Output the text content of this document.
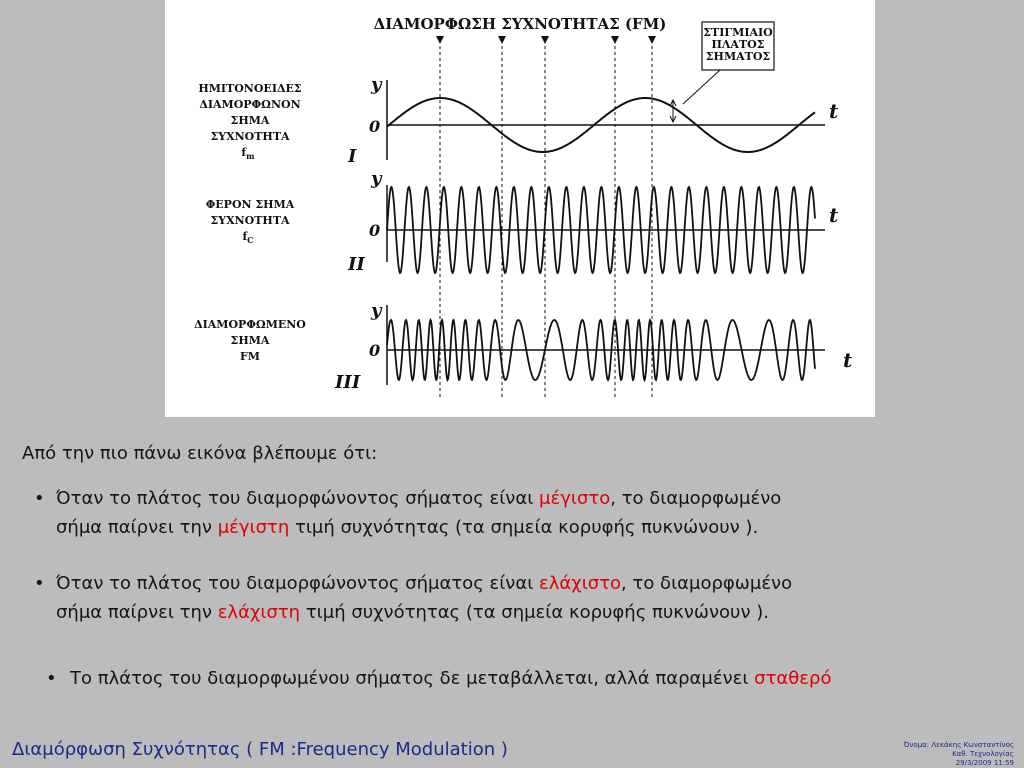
ΔΙΑΜΟΡΦΩΣΗ ΣΥΧΝΟΤΗΤΑΣ (FM)	ΣΤΙΓΜΙΑΙΟ
ΠΛΑΤΟΣ
ΣΗΜΑΤΟΣ
ΗΜΙΤΟΝΟΕΙΔΕΣ
ΔΙΑΜΟΡΦΩΝΟΝ
ΣΗΜΑ
ΣΥΧΝΟΤΗΤΑ
$f_m$
ΦΕΡΟΝ ΣΗΜΑ
ΣΥΧΝΟΤΗΤΑ
$f_C$
ΔΙΑΜΟΡΦΩΜΕΝΟ
ΣΗΜΑ
FM
y
0
t
I
y
0
t
II
y
0	t
III
Από την πιο πάνω εικόνα βλέπουμε ότι:
• Όταν το πλάτος του διαμορφώνοντος σήματος είναι μέγιστο, το διαμορφωμένο
σήμα παίρνει την μέγιστη τιμή συχνότητας (τα σημεία κορυφής πυκνώνουν ).
• Όταν το πλάτος του διαμορφώνοντος σήματος είναι ελάχιστο, το διαμορφωμένο
σήμα παίρνει την ελάχιστη τιμή συχνότητας (τα σημεία κορυφής πυκνώνουν ).
• Το πλάτος του διαμορφωμένου σήματος δε μεταβάλλεται, αλλά παραμένει σταθερό
Διαμόρφωση Συχνότητας ( FM :Frequency Modulation )	Όνομα: Λεκάκης Κωνσταντίνος
Καθ. Τεχνολογίας
29/3/2009 11:59
